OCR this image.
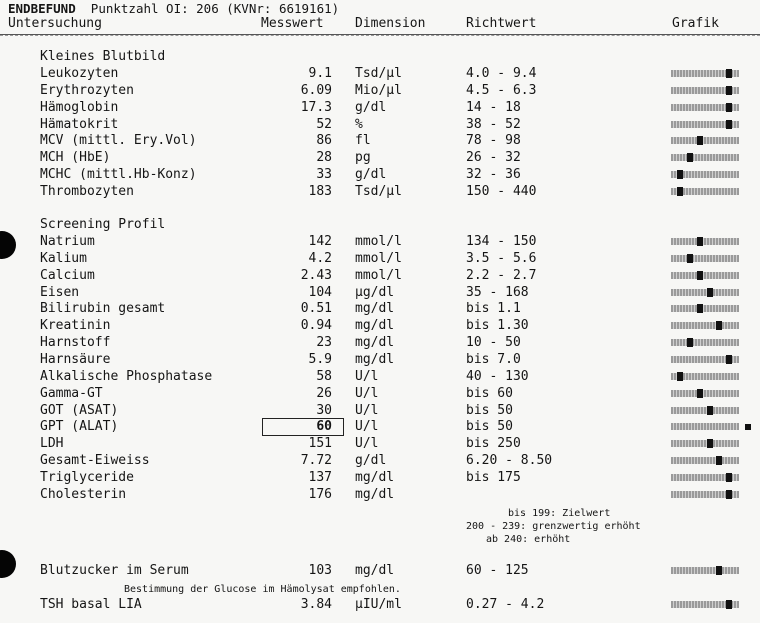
ENDBEFUND Punktzahl OI: 206 (KVNr: 6619161)
Untersuchung	Messwert Dimension	Richtwert	Grafik
Kleines Blutbild
Screening Profil
Leukozyten	9.1 Tsd/µl	4.0 - 9.4
Erythrozyten	6.09 Mio/µl	4.5 - 6.3
Hämoglobin	17.3 g/dl	14 - 18
Hämatokrit	52 %	38 - 52
MCV (mittl. Ery.Vol)	86 fl	78 - 98
MCH (HbE)	28 pg	26 - 32
MCHC (mittl.Hb-Konz)	33 g/dl	32 - 36
Thrombozyten	183 Tsd/µl	150 - 440
Natrium	142 mmol/l	134 - 150
Kalium	4.2 mmol/l	3.5 - 5.6
Calcium	2.43 mmol/l	2.2 - 2.7
Eisen	104 µg/dl	35 - 168
Bilirubin gesamt	0.51 mg/dl	bis 1.1
Kreatinin	0.94 mg/dl	bis 1.30
Harnstoff	23 mg/dl	10 - 50
Harnsäure	5.9 mg/dl	bis 7.0
Alkalische Phosphatase	58 U/l	40 - 130
Gamma-GT	26 U/l	bis 60
GOT (ASAT)	30 U/l	bis 50
GPT (ALAT)	60 U/l	bis 50
LDH	151 U/l	bis 250
Gesamt-Eiweiss	7.72 g/dl	6.20 - 8.50
Triglyceride	137 mg/dl	bis 175
Cholesterin	176 mg/dl
bis 199: Zielwert
200 - 239: grenzwertig erhöht
ab 240: erhöht
Blutzucker im Serum	103 mg/dl	60 - 125
Bestimmung der Glucose im Hämolysat empfohlen.
TSH basal LIA	3.84 µIU/ml	0.27 - 4.2
